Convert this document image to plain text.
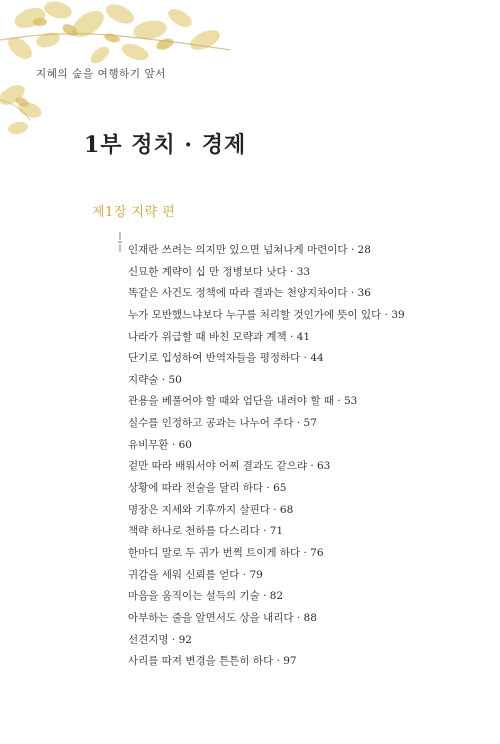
지혜의 숲을 여행하기 앞서
1부 정치 · 경제
제1장 지략 편
인재란 쓰려는 의지만 있으면 넘쳐나게 마련이다 · 28
신묘한 계략이 십 만 정병보다 낫다 · 33
똑같은 사건도 정책에 따라 결과는 천양지차이다 · 36
누가 모반했느냐보다 누구를 처리할 것인가에 뜻이 있다 · 39
나라가 위급할 때 바친 모략과 계책 · 41
단기로 입성하여 반역자들을 평정하다 · 44
지략술 · 50
관용을 베풀어야 할 때와 엄단을 내려야 할 때 · 53
실수를 인정하고 공과는 나누어 주다 · 57
유비무환 · 60
겉만 따라 배워서야 어찌 결과도 같으랴 · 63
상황에 따라 전술을 달리 하다 · 65
명장은 지세와 기후까지 살핀다 · 68
책략 하나로 천하를 다스리다 · 71
한마디 말로 두 귀가 번쩍 트이게 하다 · 76
귀감을 세워 신뢰를 얻다 · 79
마음을 움직이는 설득의 기술 · 82
아부하는 줄을 알면서도 상을 내리다 · 88
선견지명 · 92
사리를 따져 변경을 튼튼히 하다 · 97
